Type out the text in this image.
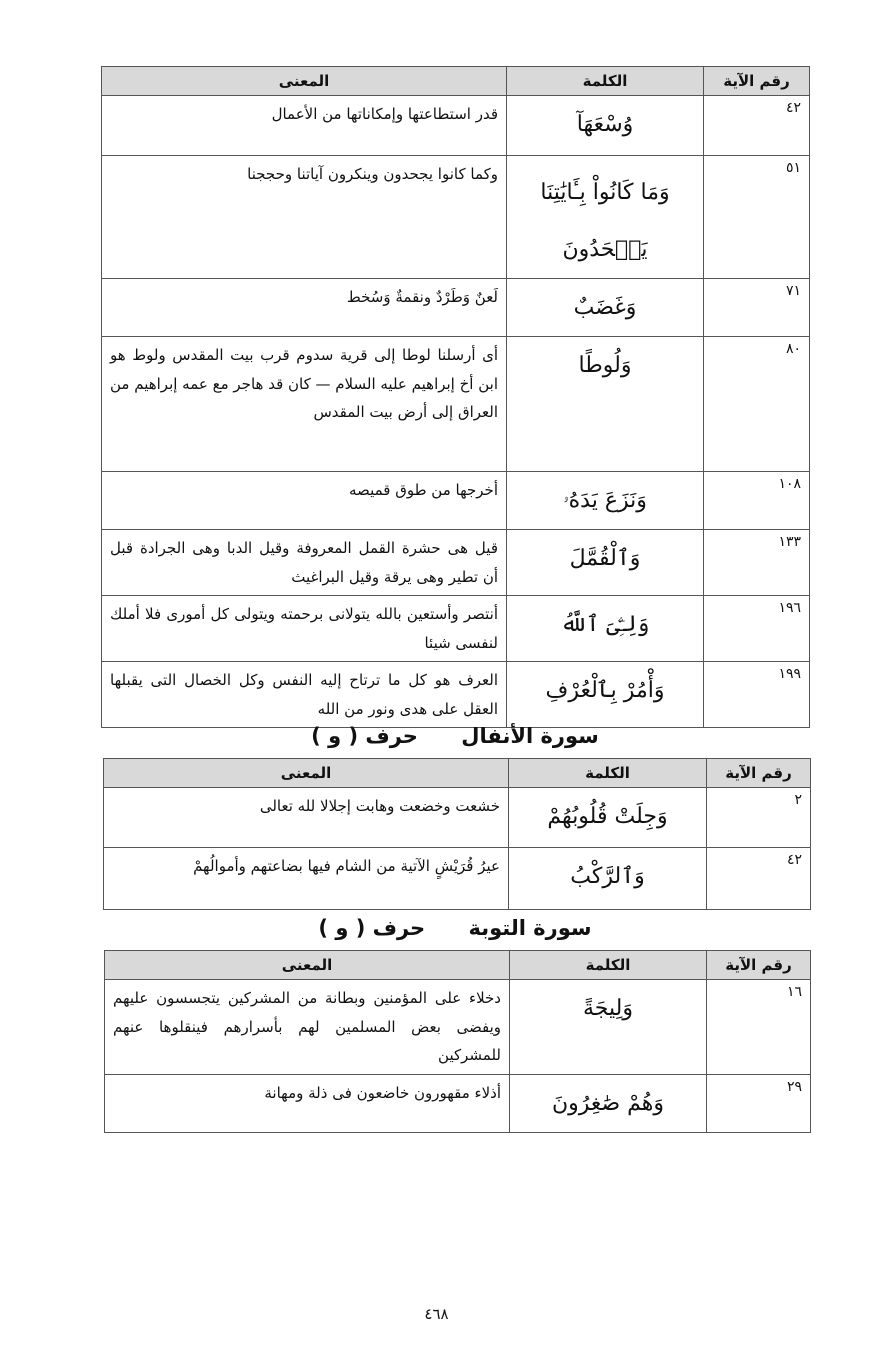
رقم الآية	الكلمة	المعنى
٤٢	وُسْعَهَآ	قدر استطاعتها وإمكاناتها من الأعمال
٥١	وَمَا كَانُواْ بِـَٔايَٰتِنَا يَجۡحَدُونَ	وكما كانوا يجحدون وينكرون آياتنا وحججنا
٧١	وَغَضَبٌ	لَعنٌ وَطَرْدٌ ونقمةٌ وَسُخط
٨٠	وَلُوطًا	أى أرسلنا لوطا إلى قرية سدوم قرب بيت المقدس ولوط هو ابن أخ إبراهيم عليه السلام — كان قد هاجر مع عمه إبراهيم من العراق إلى أرض بيت المقدس
١٠٨	وَنَزَعَ يَدَهُۥ	أخرجها من طوق قميصه
١٣٣	وَٱلْقُمَّلَ	قيل هى حشرة القمل المعروفة وقيل الدبا وهى الجرادة قبل أن تطير وهى يرقة وقيل البراغيث
١٩٦	وَلِـِّۧىَ ٱللَّهُ	أنتصر وأستعين بالله يتولانى برحمته ويتولى كل أمورى فلا أملك لنفسى شيئا
١٩٩	وَأْمُرْ بِٱلْعُرْفِ	العرف هو كل ما ترتاح إليه النفس وكل الخصال التى يقبلها العقل على هدى ونور من الله
سورة الأنفال حرف ( و )
رقم الآية	الكلمة	المعنى
٢	وَجِلَتْ قُلُوبُهُمْ	خشعت وخضعت وهابت إجلالا لله تعالى
٤٢	وَٱلرَّكْبُ	عيرُ قُرَيْشٍ الآتية من الشام فيها بضاعتهم وأموالُهمْ
سورة التوبة حرف ( و )
رقم الآية	الكلمة	المعنى
١٦	وَلِيجَةً	دخلاء على المؤمنين وبطانة من المشركين يتجسسون عليهم ويفضى بعض المسلمين لهم بأسرارهم فينقلوها عنهم للمشركين
٢٩	وَهُمْ صَٰغِرُونَ	أذلاء مقهورون خاضعون فى ذلة ومهانة
٤٦٨
